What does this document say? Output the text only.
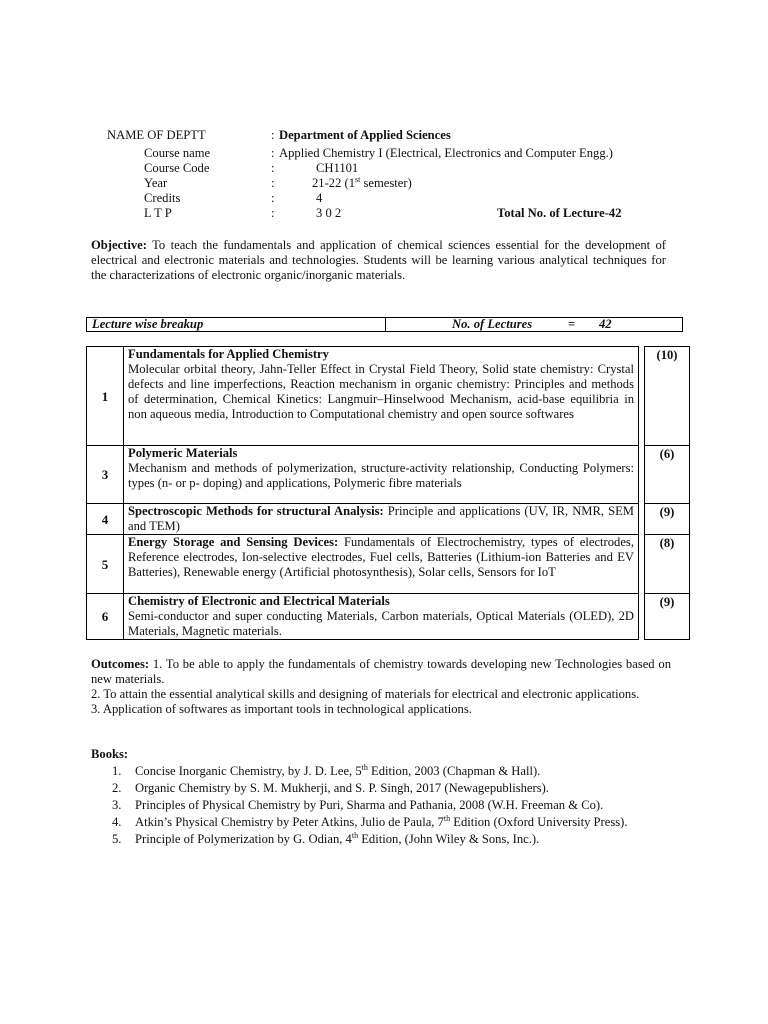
NAME OF DEPTT	: Department of Applied Sciences
Course name	: Applied Chemistry I (Electrical, Electronics and Computer Engg.)
Course Code	:	CH1101
Year	:	21-22 (1st semester)
Credits	:	4
L T P	:	3 0 2	Total No. of Lecture-42
Objective: To teach the fundamentals and application of chemical sciences essential for the development of electrical and electronic materials and technologies. Students will be learning various analytical techniques for the characterizations of electronic organic/inorganic materials.
Lecture wise breakup	No. of Lectures	= 42
1	Fundamentals for Applied Chemistry
Molecular orbital theory, Jahn-Teller Effect in Crystal Field Theory, Solid state chemistry: Crystal defects and line imperfections, Reaction mechanism in organic chemistry: Principles and methods of determination, Chemical Kinetics: Langmuir–Hinselwood Mechanism, acid-base equilibria in non aqueous media, Introduction to Computational chemistry and open source softwares		(10)
3	Polymeric Materials
Mechanism and methods of polymerization, structure-activity relationship, Conducting Polymers: types (n- or p- doping) and applications, Polymeric fibre materials		(6)
4	Spectroscopic Methods for structural Analysis: Principle and applications (UV, IR, NMR, SEM and TEM)		(9)
5	Energy Storage and Sensing Devices: Fundamentals of Electrochemistry, types of electrodes, Reference electrodes, Ion-selective electrodes, Fuel cells, Batteries (Lithium-ion Batteries and EV Batteries), Renewable energy (Artificial photosynthesis), Solar cells, Sensors for IoT		(8)
6	Chemistry of Electronic and Electrical Materials
Semi-conductor and super conducting Materials, Carbon materials, Optical Materials (OLED), 2D Materials, Magnetic materials.		(9)

Outcomes: 1. To be able to apply the fundamentals of chemistry towards developing new Technologies based on new materials.

2. To attain the essential analytical skills and designing of materials for electrical and electronic applications.

3. Application of softwares as important tools in technological applications.

Books:
1. Concise Inorganic Chemistry, by J. D. Lee, 5th Edition, 2003 (Chapman & Hall).
2. Organic Chemistry by S. M. Mukherji, and S. P. Singh, 2017 (Newagepublishers).
3. Principles of Physical Chemistry by Puri, Sharma and Pathania, 2008 (W.H. Freeman & Co).
4. Atkin’s Physical Chemistry by Peter Atkins, Julio de Paula, 7th Edition (Oxford University Press).
5. Principle of Polymerization by G. Odian, 4th Edition, (John Wiley & Sons, Inc.).
